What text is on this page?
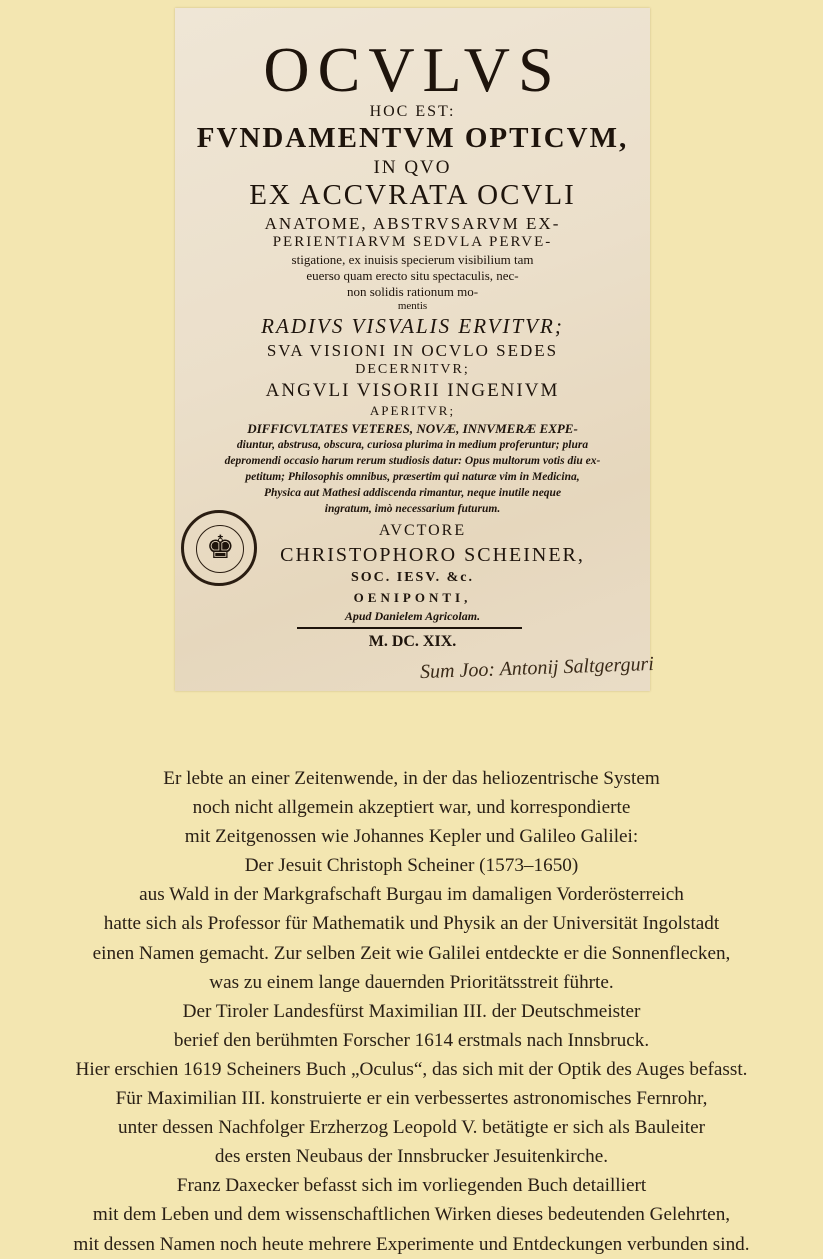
OCVLVS
HOC EST:
FVNDAMENTVM OPTICVM,
IN QVO
EX ACCVRATA OCVLI
ANATOME, ABSTRVSARVM EX-
PERIENTIARVM SEDVLA PERVE-
stigatione, ex inuisis specierum visibilium tam
euerso quam erecto situ spectaculis, nec-
non solidis rationum mo-
mentis
RADIVS VISVALIS ERVITVR;
SVA VISIONI IN OCVLO SEDES
DECERNITVR;
ANGVLI VISORII INGENIVM
APERITVR;
DIFFICVLTATES VETERES, NOVÆ, INNVMERÆ EXPE-
diuntur, abstrusa, obscura, curiosa plurima in medium proferuntur; plura
depromendi occasio harum rerum studiosis datur: Opus multorum votis diu ex-
petitum; Philosophis omnibus, præsertim qui naturæ vim in Medicina,
Physica aut Mathesi addiscenda rimantur, neque inutile neque
ingratum, imò necessarium futurum.
AVCTORE
CHRISTOPHORO SCHEINER,
SOC. IESV. &c.
OENIPONTI,
Apud Danielem Agricolam.
M. DC. XIX.
♚
Sum Joo: Antonij Saltgerguri
Er lebte an einer Zeitenwende, in der das heliozentrische System
noch nicht allgemein akzeptiert war, und korrespondierte
mit Zeitgenossen wie Johannes Kepler und Galileo Galilei:
Der Jesuit Christoph Scheiner (1573–1650)
aus Wald in der Markgrafschaft Burgau im damaligen Vorderösterreich
hatte sich als Professor für Mathematik und Physik an der Universität Ingolstadt
einen Namen gemacht. Zur selben Zeit wie Galilei entdeckte er die Sonnenflecken,
was zu einem lange dauernden Prioritätsstreit führte.
Der Tiroler Landesfürst Maximilian III. der Deutschmeister
berief den berühmten Forscher 1614 erstmals nach Innsbruck.
Hier erschien 1619 Scheiners Buch „Oculus“, das sich mit der Optik des Auges befasst.
Für Maximilian III. konstruierte er ein verbessertes astronomisches Fernrohr,
unter dessen Nachfolger Erzherzog Leopold V. betätigte er sich als Bauleiter
des ersten Neubaus der Innsbrucker Jesuitenkirche.
Franz Daxecker befasst sich im vorliegenden Buch detailliert
mit dem Leben und dem wissenschaftlichen Wirken dieses bedeutenden Gelehrten,
mit dessen Namen noch heute mehrere Experimente und Entdeckungen verbunden sind.
